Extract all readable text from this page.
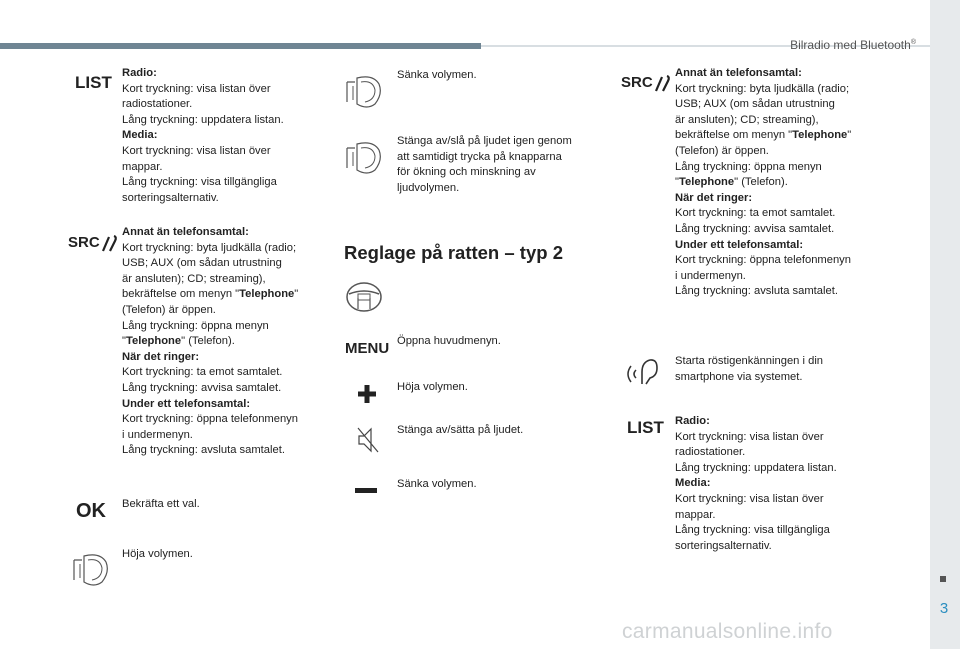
Bilradio med Bluetooth®
3
carmanualsonline.info
LIST Radio:
Kort tryckning: visa listan över
radiostationer.
Lång tryckning: uppdatera listan.
Media:
Kort tryckning: visa listan över
mappar.
Lång tryckning: visa tillgängliga
sorteringsalternativ.
SRC
Annat än telefonsamtal:
Kort tryckning: byta ljudkälla (radio;
USB; AUX (om sådan utrustning
är ansluten); CD; streaming),
bekräftelse om menyn "Telephone"
(Telefon) är öppen.
Lång tryckning: öppna menyn
"Telephone" (Telefon).
När det ringer:
Kort tryckning: ta emot samtalet.
Lång tryckning: avvisa samtalet.
Under ett telefonsamtal:
Kort tryckning: öppna telefonmenyn
i undermenyn.
Lång tryckning: avsluta samtalet.
OK Bekräfta ett val.
Höja volymen.
Sänka volymen.
Stänga av/slå på ljudet igen genom
att samtidigt trycka på knapparna
för ökning och minskning av
ljudvolymen.
Reglage på ratten – typ 2
MENU Öppna huvudmenyn.
Höja volymen.
Stänga av/sätta på ljudet.
Sänka volymen.
SRC
Annat än telefonsamtal:
Kort tryckning: byta ljudkälla (radio;
USB; AUX (om sådan utrustning
är ansluten); CD; streaming),
bekräftelse om menyn "Telephone"
(Telefon) är öppen.
Lång tryckning: öppna menyn
"Telephone" (Telefon).
När det ringer:
Kort tryckning: ta emot samtalet.
Lång tryckning: avvisa samtalet.
Under ett telefonsamtal:
Kort tryckning: öppna telefonmenyn
i undermenyn.
Lång tryckning: avsluta samtalet.
Starta röstigenkänningen i din
smartphone via systemet.
LIST Radio:
Kort tryckning: visa listan över
radiostationer.
Lång tryckning: uppdatera listan.
Media:
Kort tryckning: visa listan över
mappar.
Lång tryckning: visa tillgängliga
sorteringsalternativ.
